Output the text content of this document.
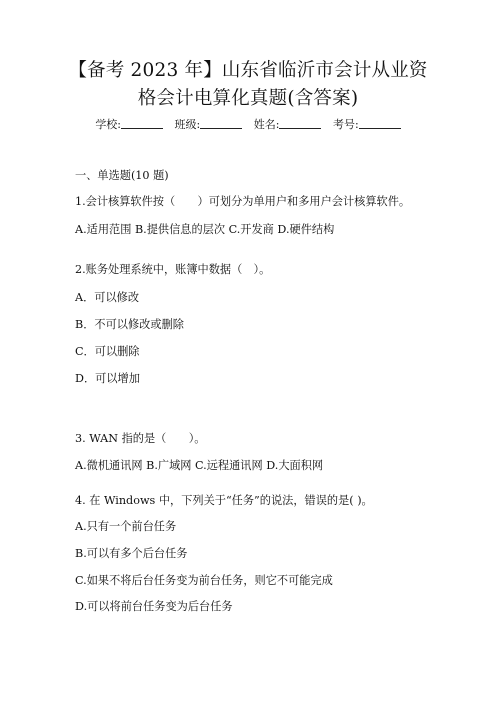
【备考 2023 年】山东省临沂市会计从业资
格会计电算化真题(含答案)
学校:	班级:	姓名:	考号:
一、单选题(10 题)
1.会计核算软件按（　　）可划分为单用户和多用户会计核算软件。
A.适用范围 B.提供信息的层次 C.开发商 D.硬件结构
2.账务处理系统中，账簿中数据（　）。
A．可以修改
B．不可以修改或删除
C．可以删除
D．可以增加
3. WAN 指的是（　　）。
A.微机通讯网 B.广域网 C.远程通讯网 D.大面积网
4. 在 Windows 中，下列关于“任务”的说法，错误的是( )。
A.只有一个前台任务
B.可以有多个后台任务
C.如果不将后台任务变为前台任务，则它不可能完成
D.可以将前台任务变为后台任务
